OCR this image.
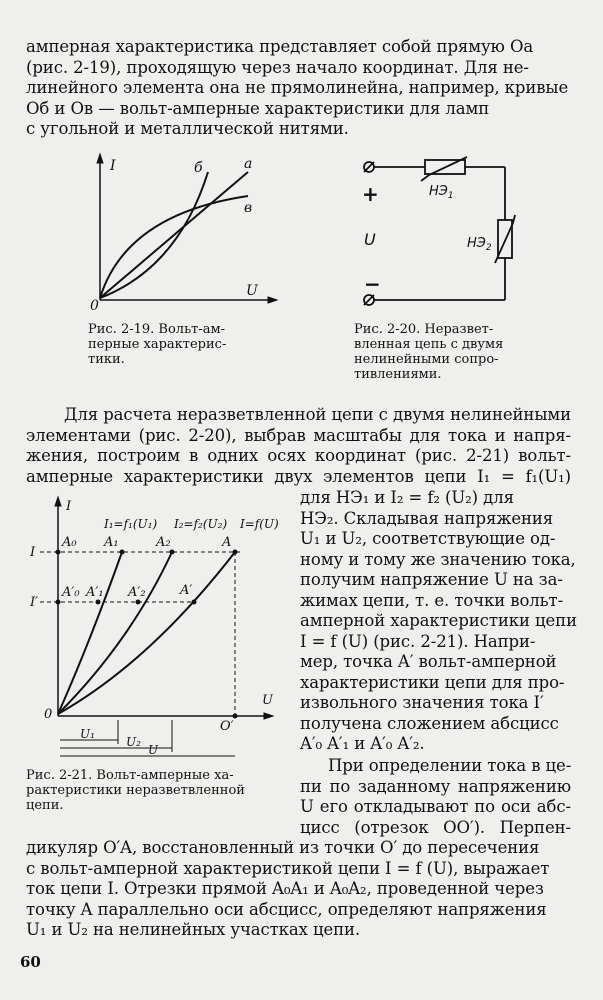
амперная характеристика представляет собой прямую Оа
(рис. 2-19), проходящую через начало координат. Для не-
линейного элемента она не прямолинейна, например, кривые
Об и Ов — вольт-амперные характеристики для ламп
с угольной и металлической нитями.
I
U
0
а
б
в
Рис. 2-19. Вольт-ам-
перные характерис-
тики.
+
−
U
$НЭ_1$
$НЭ_2$
Рис. 2-20. Неразвет-
вленная цепь с двумя
нелинейными сопро-
тивлениями.
Для расчета неразветвленной цепи с двумя нелинейными
элементами (рис. 2-20), выбрав масштабы для тока и напря-
жения, построим в одних осях координат (рис. 2-21) вольт-
амперные характеристики двух элементов цепи I₁ = f₁(U₁)
для НЭ₁ и I₂ = f₂ (U₂) для
НЭ₂. Складывая напряжения
U₁ и U₂, соответствующие од-
ному и тому же значению тока,
получим напряжение U на за-
жимах цепи, т. е. точки вольт-
амперной характеристики цепи
I = f (U) (рис. 2-21). Напри-
мер, точка A′ вольт-амперной
характеристики цепи для про-
извольного значения тока I′
получена сложением абсцисс
A′₀ A′₁ и A′₀ A′₂.
I
U
0
I
I′
A₀ A₁	A₂	A
A′₀ A′₁ A′₂	A′
O′
I₁=f₁(U₁) I₂=f₂(U₂) I=f(U)
U₁
U₂
U
Рис. 2-21. Вольт-амперные ха-
рактеристики неразветвленной
цепи.
При определении тока в це-
пи по заданному напряжению
U его откладывают по оси абс-
цисс (отрезок OO′). Перпен-
дикуляр O′A, восстановленный из точки O′ до пересечения
с вольт-амперной характеристикой цепи I = f (U), выражает
ток цепи I. Отрезки прямой A₀A₁ и A₀A₂, проведенной через
точку A параллельно оси абсцисс, определяют напряжения
U₁ и U₂ на нелинейных участках цепи.
60
